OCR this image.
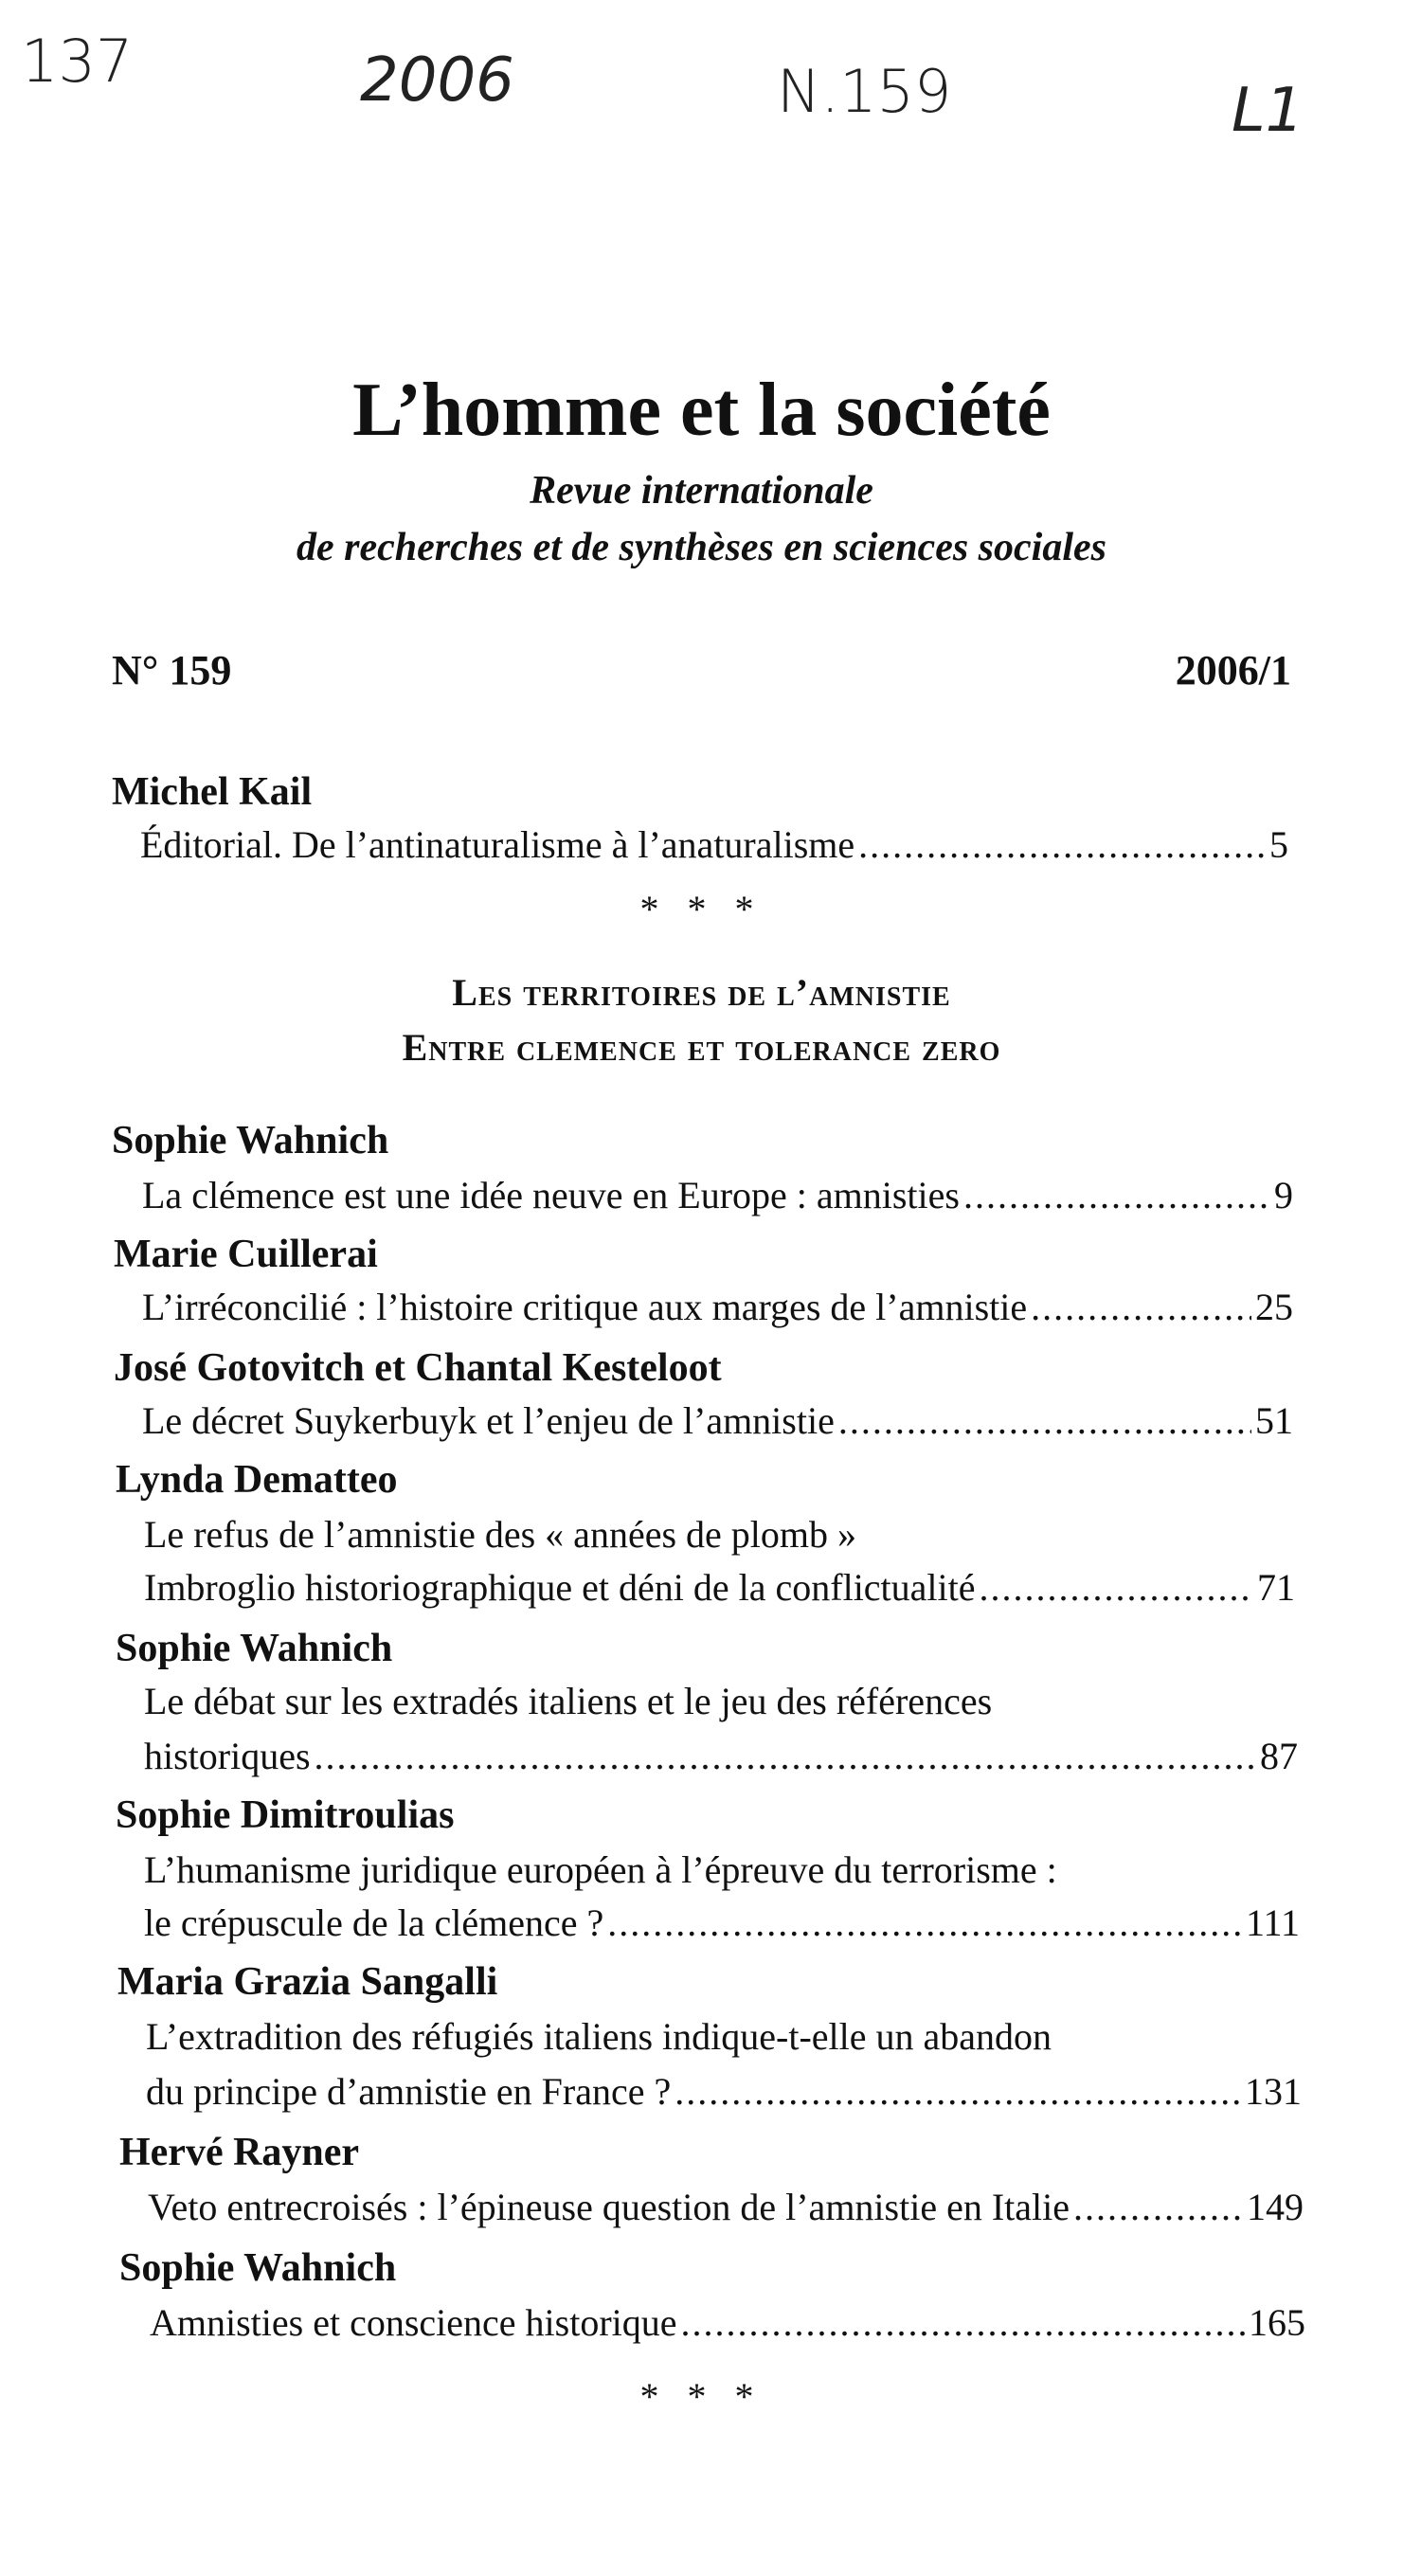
137	2006	N.159	L1
L’homme et la société
Revue internationale
de recherches et de synthèses en sciences sociales
N° 159	2006/1
Michel Kail
Éditorial. De l’antinaturalisme à l’anaturalisme .....	5
* * *
Les territoires de l’amnistie
Entre clemence et tolerance zero
Sophie Wahnich
La clémence est une idée neuve en Europe : amnisties .....	9
Marie Cuillerai
L’irréconcilié : l’histoire critique aux marges de l’amnistie .....	25
José Gotovitch et Chantal Kesteloot
Le décret Suykerbuyk et l’enjeu de l’amnistie .....	51
Lynda Dematteo
Le refus de l’amnistie des « années de plomb »
Imbroglio historiographique et déni de la conflictualité .....	71
Sophie Wahnich
Le débat sur les extradés italiens et le jeu des références
historiques .....	87
Sophie Dimitroulias
L’humanisme juridique européen à l’épreuve du terrorisme :
le crépuscule de la clémence ? .....	111
Maria Grazia Sangalli
L’extradition des réfugiés italiens indique-t-elle un abandon
du principe d’amnistie en France ? .....	131
Hervé Rayner
Veto entrecroisés : l’épineuse question de l’amnistie en Italie .....	149
Sophie Wahnich
Amnisties et conscience historique .....	165
* * *
